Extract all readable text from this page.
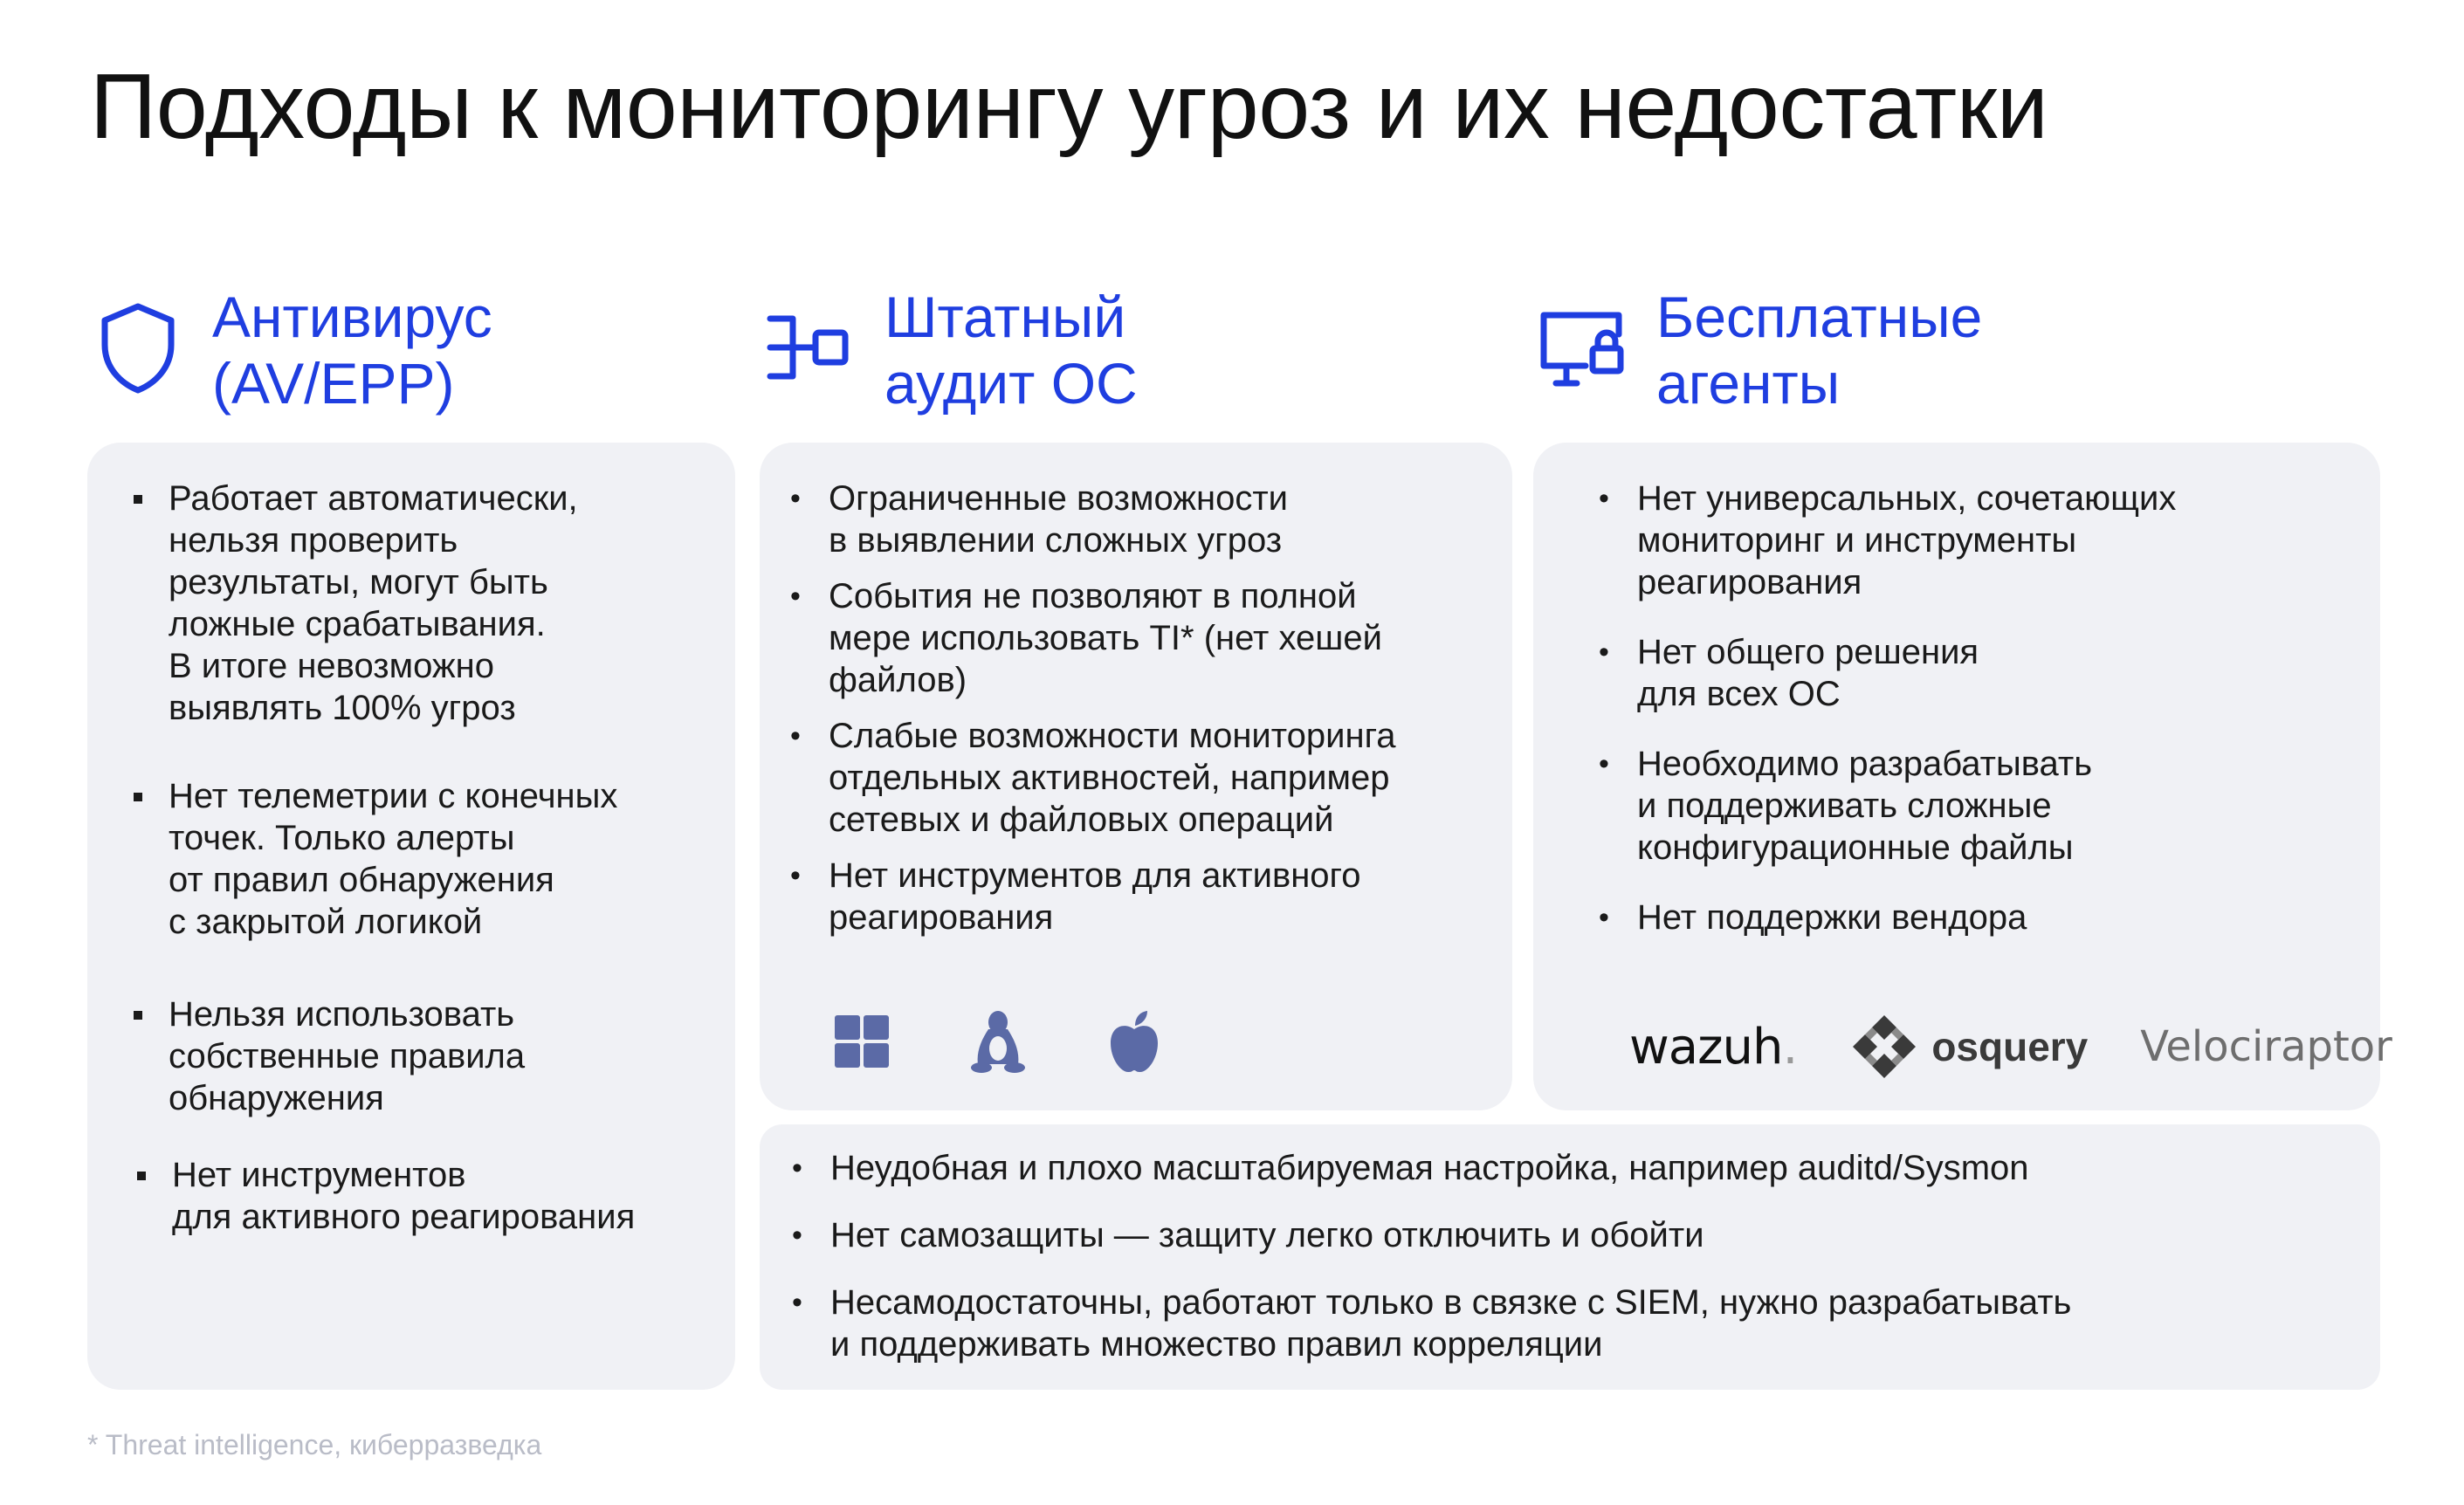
Подходы к мониторингу угроз и их недостатки
Антивирус
(AV/EPP)
Штатный
аудит ОС
Бесплатные
агенты
Работает автоматически,
нельзя проверить
результаты, могут быть
ложные срабатывания.
В итоге невозможно
выявлять 100% угроз
Нет телеметрии с конечных
точек. Только алерты
от правил обнаружения
с закрытой логикой
Нельзя использовать
собственные правила
обнаружения
Нет инструментов
для активного реагирования
• Ограниченные возможности
в выявлении сложных угроз
• События не позволяют в полной
мере использовать TI* (нет хешей
файлов)
• Слабые возможности мониторинга
отдельных активностей, например
сетевых и файловых операций
• Нет инструментов для активного
реагирования
• Нет универсальных, сочетающих
мониторинг и инструменты
реагирования
• Нет общего решения
для всех ОС
• Необходимо разрабатывать
и поддерживать сложные
конфигурационные файлы
• Нет поддержки вендора
wazuh.	osquery Velociraptor
• Неудобная и плохо масштабируемая настройка, например auditd/Sysmon
• Нет самозащиты — защиту легко отключить и обойти
• Несамодостаточны, работают только в связке с SIEM, нужно разрабатывать
и поддерживать множество правил корреляции
* Threat intelligence, киберразведка
